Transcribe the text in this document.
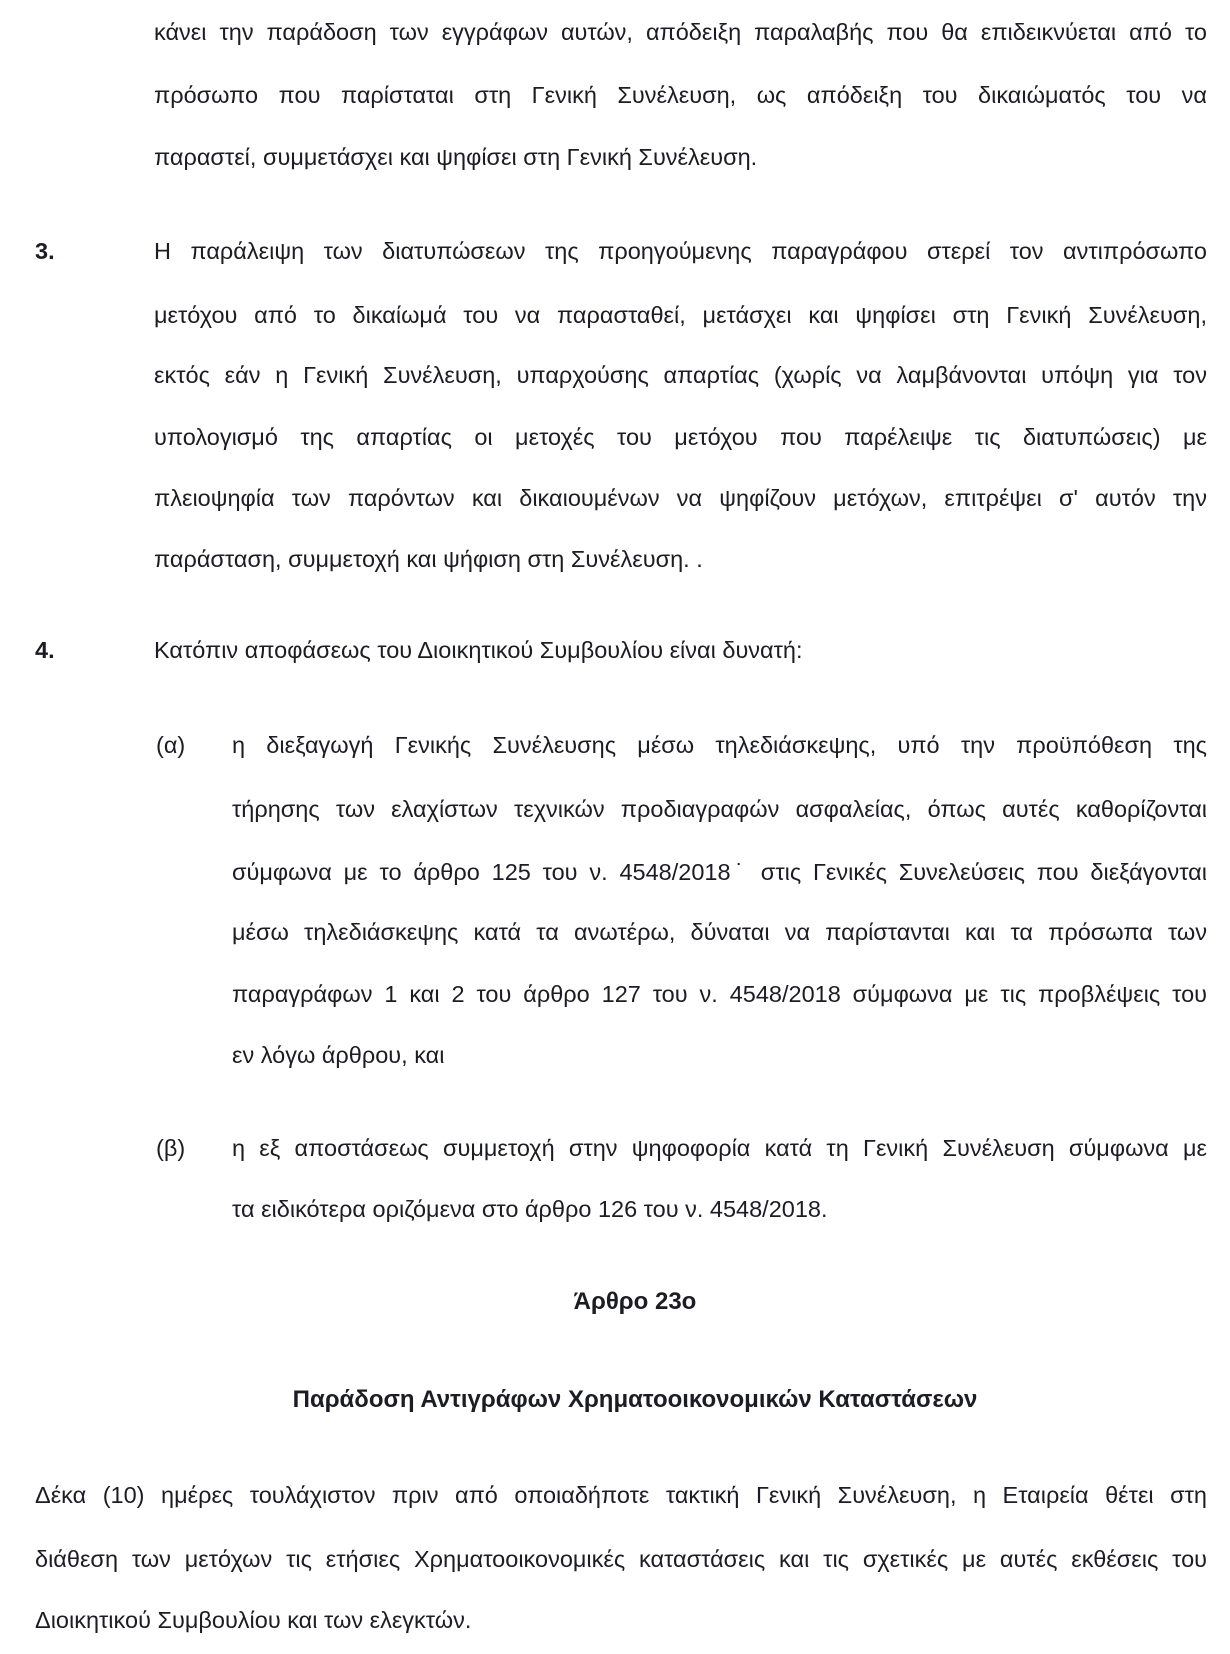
κάνει την παράδοση των εγγράφων αυτών, απόδειξη παραλαβής που θα επιδεικνύεται από το
πρόσωπο που παρίσταται στη Γενική Συνέλευση, ως απόδειξη του δικαιώματός του να
παραστεί, συμμετάσχει και ψηφίσει στη Γενική Συνέλευση.
3.	Η παράλειψη των διατυπώσεων της προηγούμενης παραγράφου στερεί τον αντιπρόσωπο
μετόχου από το δικαίωμά του να παρασταθεί, μετάσχει και ψηφίσει στη Γενική Συνέλευση,
εκτός εάν η Γενική Συνέλευση, υπαρχούσης απαρτίας (χωρίς να λαμβάνονται υπόψη για τον
υπολογισμό της απαρτίας οι μετοχές του μετόχου που παρέλειψε τις διατυπώσεις) με
πλειοψηφία των παρόντων και δικαιουμένων να ψηφίζουν μετόχων, επιτρέψει σ' αυτόν την
παράσταση, συμμετοχή και ψήφιση στη Συνέλευση. .
4.	Κατόπιν αποφάσεως του Διοικητικού Συμβουλίου είναι δυνατή:
(α) η διεξαγωγή Γενικής Συνέλευσης μέσω τηλεδιάσκεψης, υπό την προϋπόθεση της
τήρησης των ελαχίστων τεχνικών προδιαγραφών ασφαλείας, όπως αυτές καθορίζονται
σύμφωνα με το άρθρο 125 του ν. 4548/2018˙ στις Γενικές Συνελεύσεις που διεξάγονται
μέσω τηλεδιάσκεψης κατά τα ανωτέρω, δύναται να παρίστανται και τα πρόσωπα των
παραγράφων 1 και 2 του άρθρο 127 του ν. 4548/2018 σύμφωνα με τις προβλέψεις του
εν λόγω άρθρου, και
(β) η εξ αποστάσεως συμμετοχή στην ψηφοφορία κατά τη Γενική Συνέλευση σύμφωνα με
τα ειδικότερα οριζόμενα στο άρθρο 126 του ν. 4548/2018.
Άρθρο 23ο
Παράδοση Αντιγράφων Χρηματοοικονομικών Καταστάσεων
Δέκα (10) ημέρες τουλάχιστον πριν από οποιαδήποτε τακτική Γενική Συνέλευση, η Εταιρεία θέτει στη
διάθεση των μετόχων τις ετήσιες Χρηματοοικονομικές καταστάσεις και τις σχετικές με αυτές εκθέσεις του
Διοικητικού Συμβουλίου και των ελεγκτών.
